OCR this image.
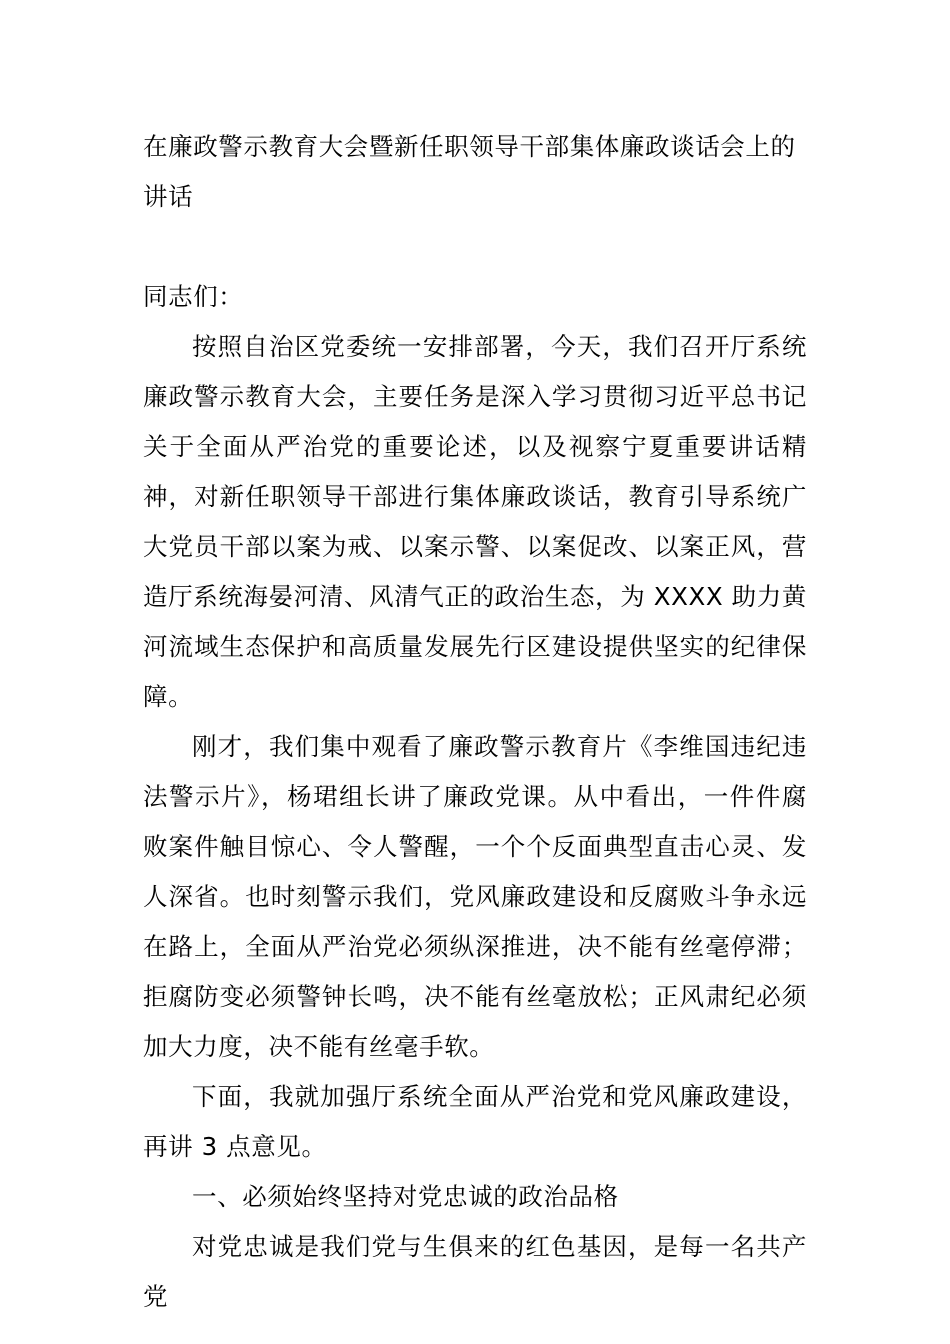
在廉政警示教育大会暨新任职领导干部集体廉政谈话会上的讲话

同志们：

按照自治区党委统一安排部署，今天，我们召开厅系统廉政警示教育大会，主要任务是深入学习贯彻习近平总书记关于全面从严治党的重要论述，以及视察宁夏重要讲话精神，对新任职领导干部进行集体廉政谈话，教育引导系统广大党员干部以案为戒、以案示警、以案促改、以案正风，营造厅系统海晏河清、风清气正的政治生态，为 XXXX 助力黄河流域生态保护和高质量发展先行区建设提供坚实的纪律保障。

刚才，我们集中观看了廉政警示教育片《李维国违纪违法警示片》，杨珺组长讲了廉政党课。从中看出，一件件腐败案件触目惊心、令人警醒，一个个反面典型直击心灵、发人深省。也时刻警示我们，党风廉政建设和反腐败斗争永远在路上，全面从严治党必须纵深推进，决不能有丝毫停滞；拒腐防变必须警钟长鸣，决不能有丝毫放松；正风肃纪必须加大力度，决不能有丝毫手软。

下面，我就加强厅系统全面从严治党和党风廉政建设，再讲 3 点意见。

一、必须始终坚持对党忠诚的政治品格

对党忠诚是我们党与生俱来的红色基因，是每一名共产党
